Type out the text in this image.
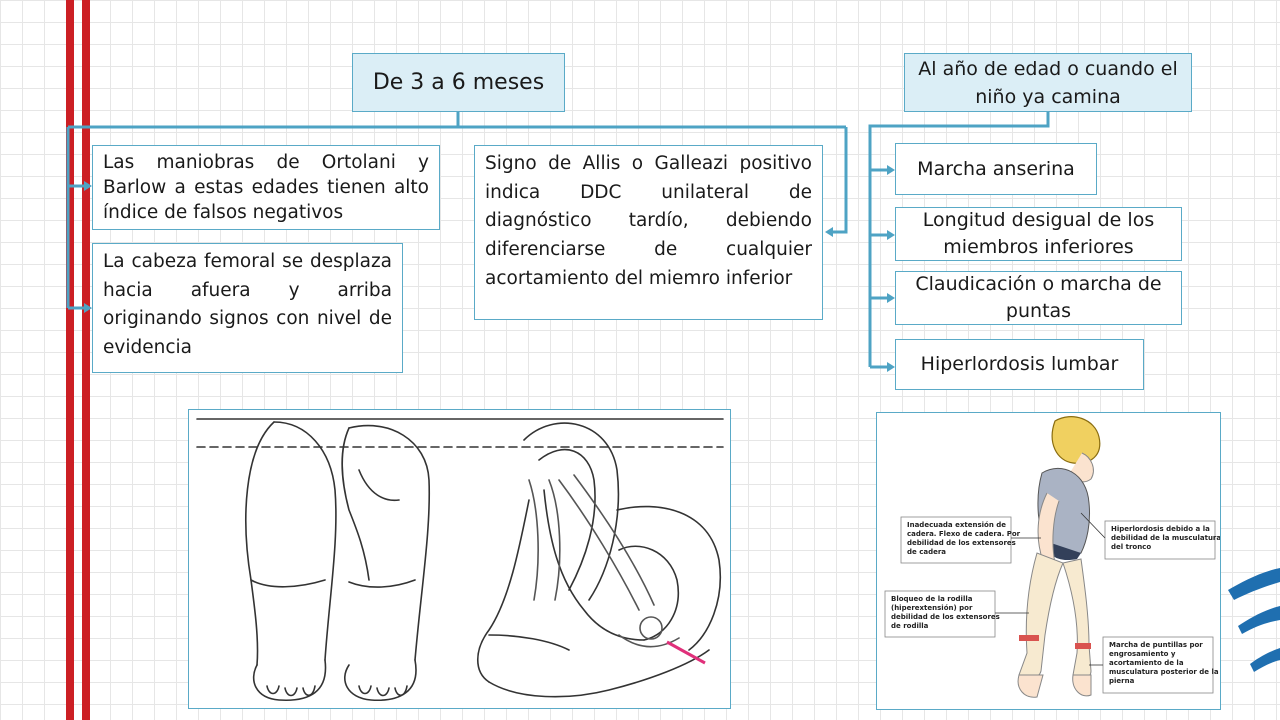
De 3 a 6 meses
Al año de edad o cuando el niño ya camina
Las maniobras de Ortolani y Barlow a estas edades tienen alto índice de falsos negativos
La cabeza femoral se desplaza hacia afuera y arriba originando signos con nivel de evidencia
Signo de Allis o Galleazi positivo indica DDC unilateral de diagnóstico tardío, debiendo diferenciarse de cualquier acortamiento del miemro inferior
Marcha anserina
Longitud desigual de los miembros inferiores
Claudicación o marcha de puntas
Hiperlordosis lumbar
Inadecuada extensión de
cadera. Flexo de cadera. Por
debilidad de los extensores
de cadera
Bloqueo de la rodilla
(hiperextensión) por
debilidad de los extensores
de rodilla
Hiperlordosis debido a la
debilidad de la musculatura
del tronco
Marcha de puntillas por
engrosamiento y
acortamiento de la
musculatura posterior de la
pierna
